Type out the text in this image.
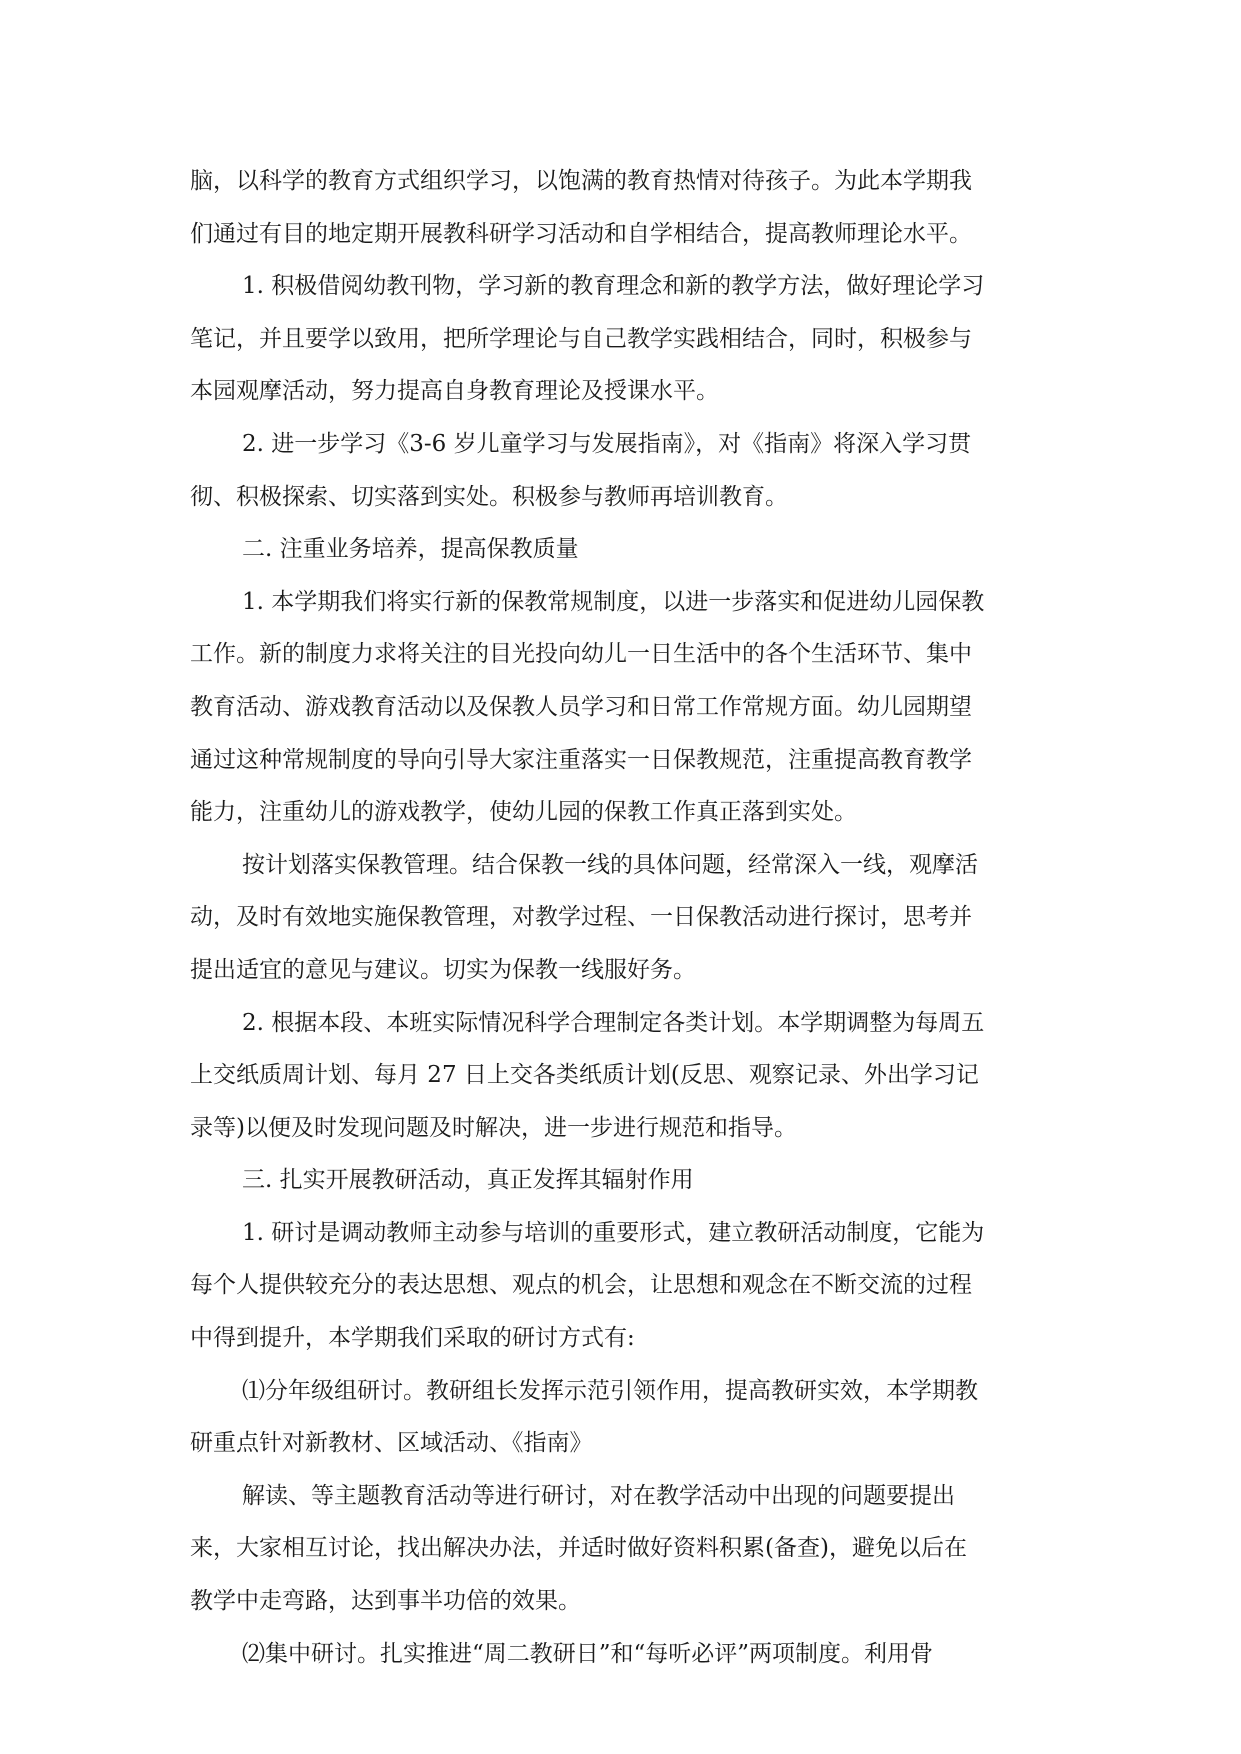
脑，以科学的教育方式组织学习，以饱满的教育热情对待孩子。为此本学期我
们通过有目的地定期开展教科研学习活动和自学相结合，提高教师理论水平。
1. 积极借阅幼教刊物，学习新的教育理念和新的教学方法，做好理论学习
笔记，并且要学以致用，把所学理论与自己教学实践相结合，同时，积极参与
本园观摩活动，努力提高自身教育理论及授课水平。
2. 进一步学习《3-6 岁儿童学习与发展指南》，对《指南》将深入学习贯
彻、积极探索、切实落到实处。积极参与教师再培训教育。
二. 注重业务培养，提高保教质量
1. 本学期我们将实行新的保教常规制度，以进一步落实和促进幼儿园保教
工作。新的制度力求将关注的目光投向幼儿一日生活中的各个生活环节、集中
教育活动、游戏教育活动以及保教人员学习和日常工作常规方面。幼儿园期望
通过这种常规制度的导向引导大家注重落实一日保教规范，注重提高教育教学
能力，注重幼儿的游戏教学，使幼儿园的保教工作真正落到实处。
按计划落实保教管理。结合保教一线的具体问题，经常深入一线，观摩活
动，及时有效地实施保教管理，对教学过程、一日保教活动进行探讨，思考并
提出适宜的意见与建议。切实为保教一线服好务。
2. 根据本段、本班实际情况科学合理制定各类计划。本学期调整为每周五
上交纸质周计划、每月 27 日上交各类纸质计划(反思、观察记录、外出学习记
录等)以便及时发现问题及时解决，进一步进行规范和指导。
三. 扎实开展教研活动，真正发挥其辐射作用
1. 研讨是调动教师主动参与培训的重要形式，建立教研活动制度，它能为
每个人提供较充分的表达思想、观点的机会，让思想和观念在不断交流的过程
中得到提升，本学期我们采取的研讨方式有:
⑴分年级组研讨。教研组长发挥示范引领作用，提高教研实效，本学期教
研重点针对新教材、区域活动、《指南》
解读、等主题教育活动等进行研讨，对在教学活动中出现的问题要提出
来，大家相互讨论，找出解决办法，并适时做好资料积累(备查)，避免以后在
教学中走弯路，达到事半功倍的效果。
⑵集中研讨。扎实推进“周二教研日”和“每听必评”两项制度。利用骨
